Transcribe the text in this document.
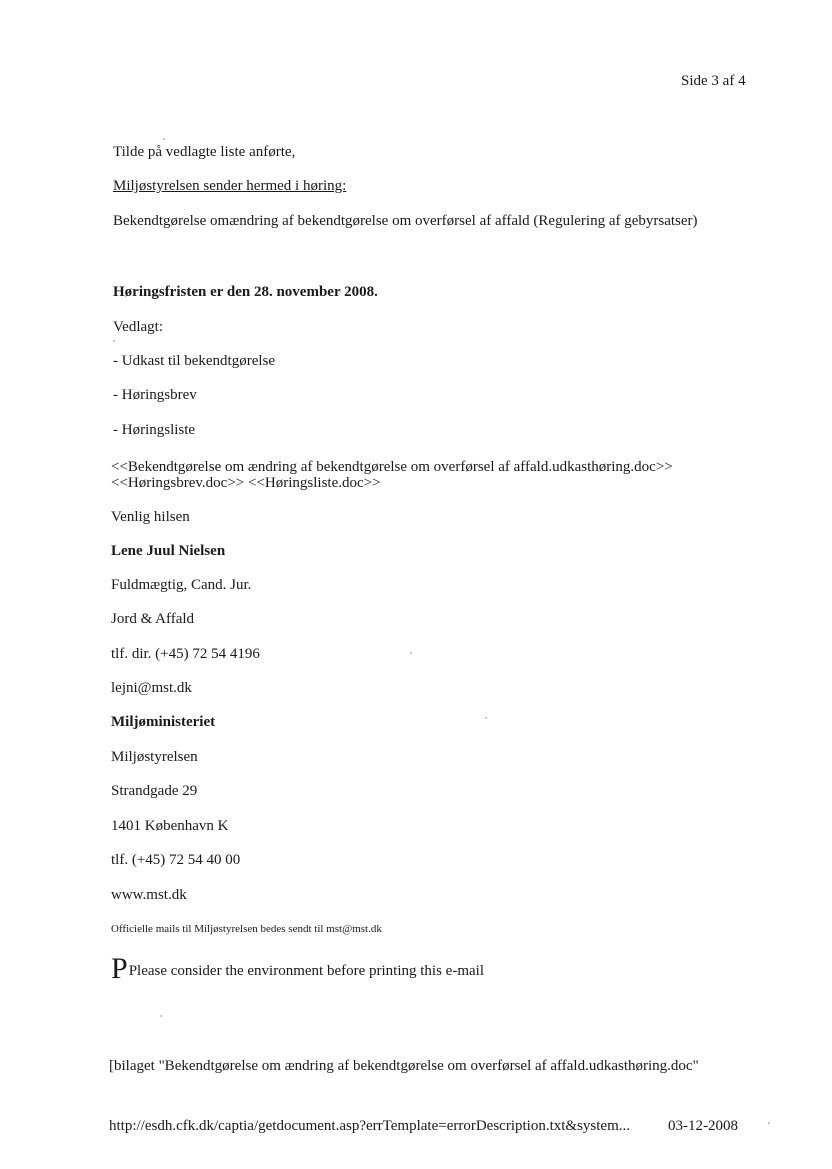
Side 3 af 4
Tilde på vedlagte liste anførte,
Miljøstyrelsen sender hermed i høring:
Bekendtgørelse omændring af bekendtgørelse om overførsel af affald (Regulering af gebyrsatser)
Høringsfristen er den 28. november 2008.
Vedlagt:
- Udkast til bekendtgørelse
- Høringsbrev
- Høringsliste
<<Bekendtgørelse om ændring af bekendtgørelse om overførsel af affald.udkasthøring.doc>>
<<Høringsbrev.doc>> <<Høringsliste.doc>>
Venlig hilsen
Lene Juul Nielsen
Fuldmægtig, Cand. Jur.
Jord & Affald
tlf. dir. (+45) 72 54 4196
lejni@mst.dk
Miljøministeriet
Miljøstyrelsen
Strandgade 29
1401 København K
tlf. (+45) 72 54 40 00
www.mst.dk
Officielle mails til Miljøstyrelsen bedes sendt til mst@mst.dk
PPlease consider the environment before printing this e-mail
[bilaget "Bekendtgørelse om ændring af bekendtgørelse om overførsel af affald.udkasthøring.doc"
http://esdh.cfk.dk/captia/getdocument.asp?errTemplate=errorDescription.txt&system...	03-12-2008
